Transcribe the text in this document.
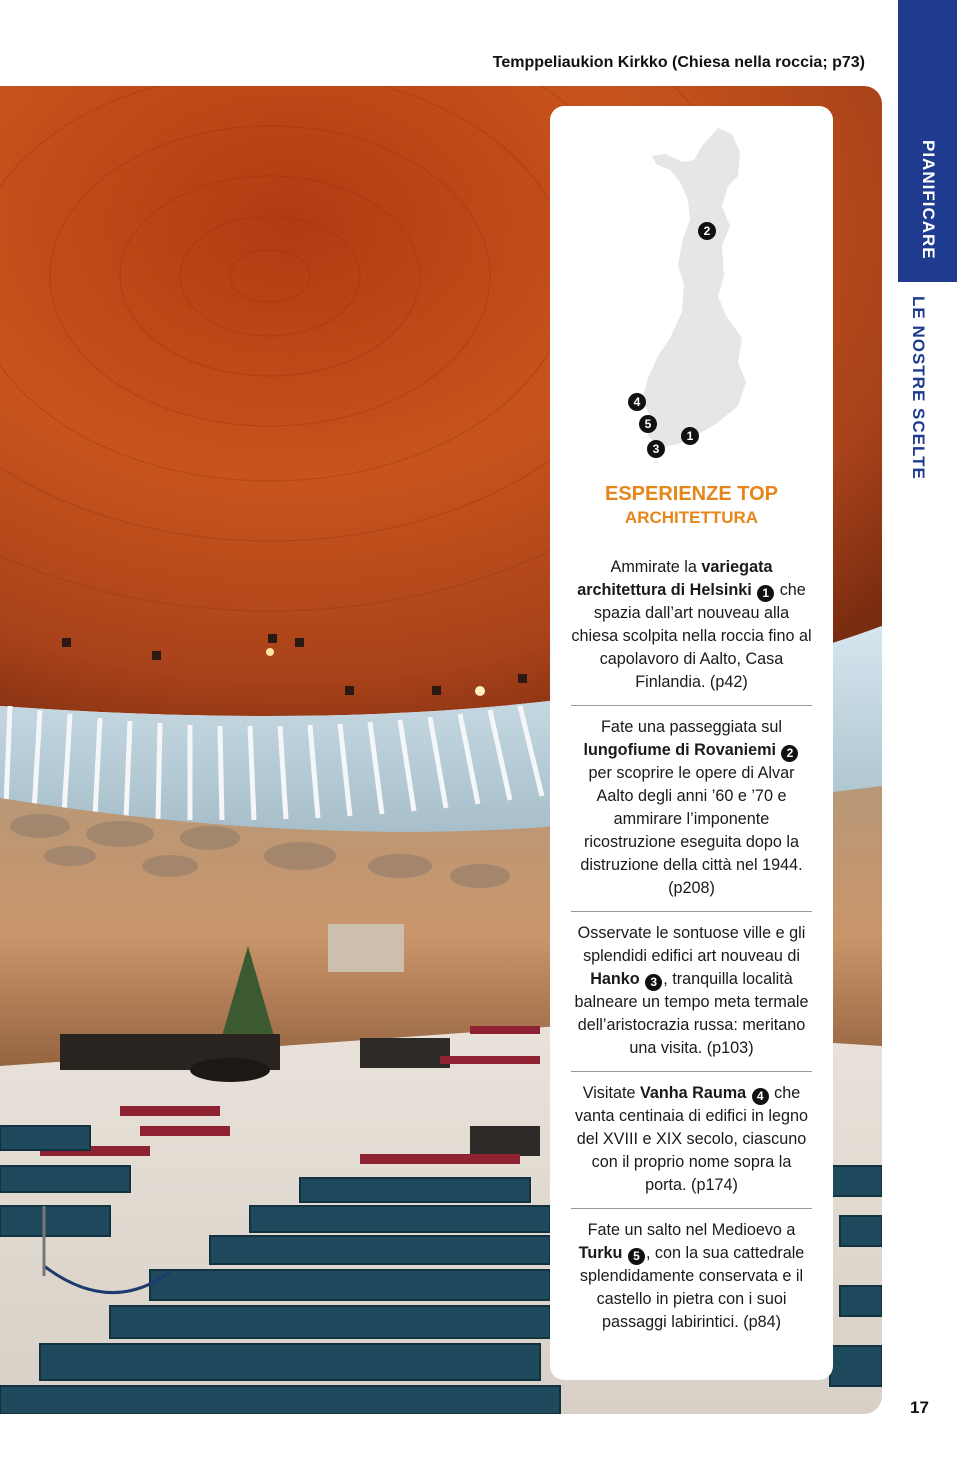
Temppeliaukion Kirkko (Chiesa nella roccia; p73)
PIANIFICARE
LE NOSTRE SCELTE
2
4
5
1
3
ESPERIENZE TOP
ARCHITETTURA
Ammirate la variegata architettura di Helsinki 1 che spazia dall’art nouveau alla chiesa scolpita nella roccia fino al capolavoro di Aalto, Casa Finlandia. (p42)
Fate una passeggiata sul lungofiume di Rovaniemi 2 per scoprire le opere di Alvar Aalto degli anni ’60 e ’70 e ammirare l’imponente ricostruzione eseguita dopo la distruzione della città nel 1944. (p208)
Osservate le sontuose ville e gli splendidi edifici art nouveau di Hanko 3 , tranquilla località balneare un tempo meta termale dell’aristocrazia russa: meritano una visita. (p103)
Visitate Vanha Rauma 4 che vanta centinaia di edifici in legno del XVIII e XIX secolo, ciascuno con il proprio nome sopra la porta. (p174)
Fate un salto nel Medioevo a Turku 5 , con la sua cattedrale splendidamente conservata e il castello in pietra con i suoi passaggi labirintici. (p84)
17
